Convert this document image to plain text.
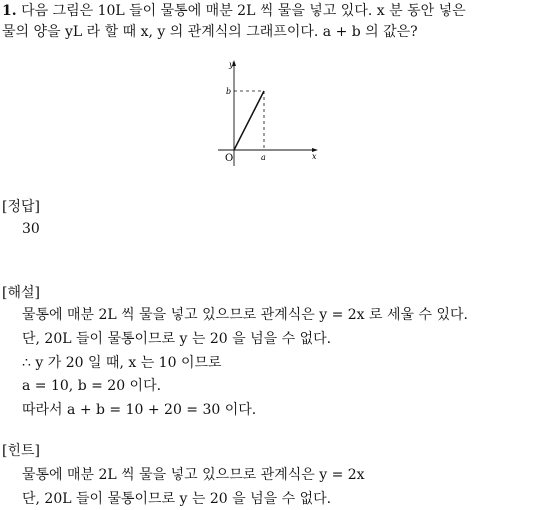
1. 다음 그림은 10L 들이 물통에 매분 2L 씩 물을 넣고 있다. x 분 동안 넣은
물의 양을 yL 라 할 때 x, y 의 관계식의 그래프이다. a + b 의 값은?
y
x
O
b
a
[정답]
30
[해설]
물통에 매분 2L 씩 물을 넣고 있으므로 관계식은 y = 2x 로 세울 수 있다.
단, 20L 들이 물통이므로 y 는 20 을 넘을 수 없다.
∴ y 가 20 일 때, x 는 10 이므로
a = 10, b = 20 이다.
따라서 a + b = 10 + 20 = 30 이다.
[힌트]
물통에 매분 2L 씩 물을 넣고 있으므로 관계식은 y = 2x
단, 20L 들이 물통이므로 y 는 20 을 넘을 수 없다.
